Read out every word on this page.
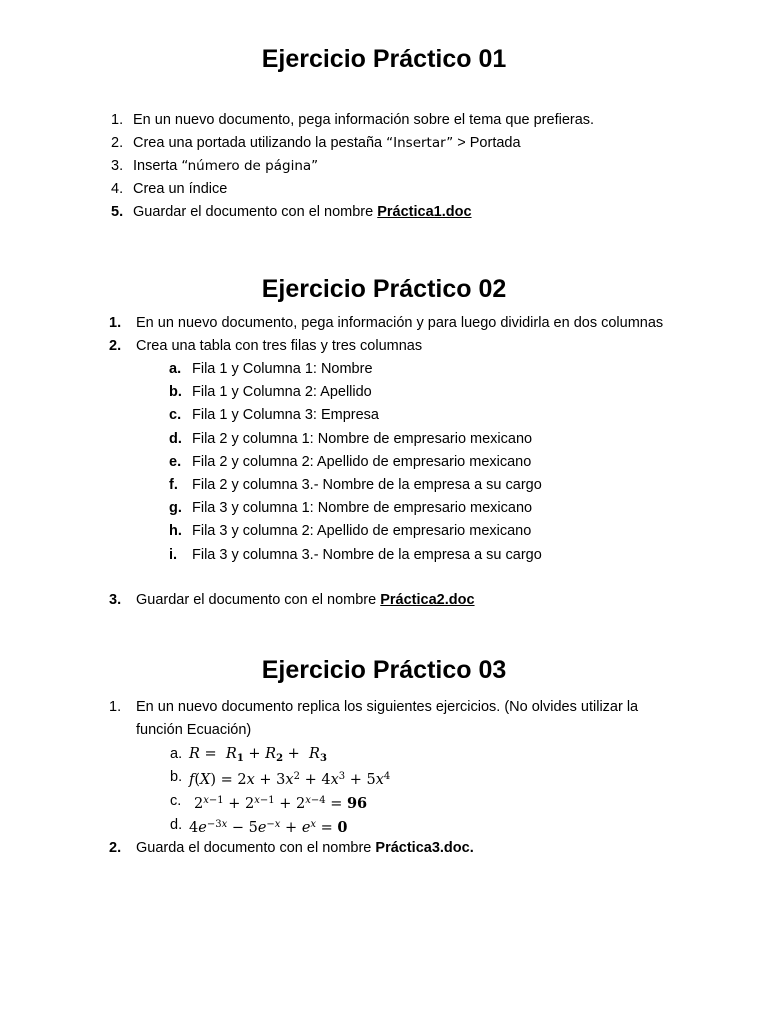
Ejercicio Práctico 01
1. En un nuevo documento, pega información sobre el tema que prefieras.
2. Crea una portada utilizando la pestaña “Insertar” > Portada
3. Inserta “número de página”
4. Crea un índice
5. Guardar el documento con el nombre Práctica1.doc
Ejercicio Práctico 02
1. En un nuevo documento, pega información y para luego dividirla en dos columnas
2. Crea una tabla con tres filas y tres columnas
a. Fila 1 y Columna 1: Nombre
b. Fila 1 y Columna 2: Apellido
c. Fila 1 y Columna 3: Empresa
d. Fila 2 y columna 1: Nombre de empresario mexicano
e. Fila 2 y columna 2: Apellido de empresario mexicano
f. Fila 2 y columna 3.- Nombre de la empresa a su cargo
g. Fila 3 y columna 1: Nombre de empresario mexicano
h. Fila 3 y columna 2: Apellido de empresario mexicano
i. Fila 3 y columna 3.- Nombre de la empresa a su cargo
3. Guardar el documento con el nombre Práctica2.doc
Ejercicio Práctico 03
1. En un nuevo documento replica los siguientes ejercicios. (No olvides utilizar la
función Ecuación)
a. $R = R_1 + R_2 + R_3$
b. $f(X) = 2x + 3x^2 + 4x^3 + 5x^4$
c. $2^{x-1} + 2^{x-1} + 2^{x-4} = 96$
d. $4e^{-3x} - 5e^{-x} + e^x = 0$
2. Guarda el documento con el nombre Práctica3.doc.
